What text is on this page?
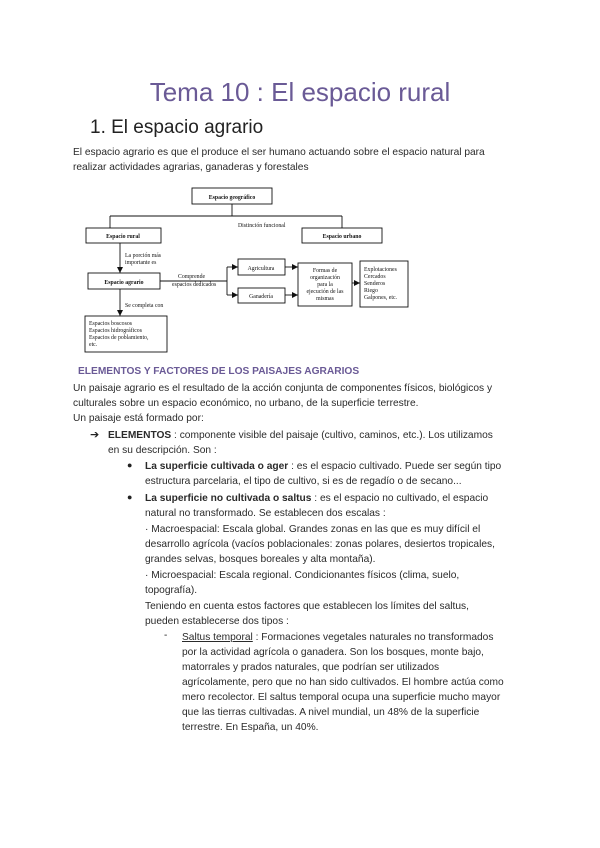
Tema 10 : El espacio rural
1. El espacio agrario
El espacio agrario es que el produce el ser humano actuando sobre el espacio natural para
realizar actividades agrarias, ganaderas y forestales
Espacio geográfico
Distinción funcional
Espacio rural	Espacio urbano
La porción más
importante es
Espacio agrario
Comprende
espacios dedicados
Agricultura
Ganadería
Formas de
organización
para la
ejecución de las
mismas
Explotaciones
Cercados
Senderos
Riego
Galpones, etc.
Se completa con
Espacios boscosos
Espacios hidrográficos
Espacios de poblamiento,
etc.
ELEMENTOS Y FACTORES DE LOS PAISAJES AGRARIOS
Un paisaje agrario es el resultado de la acción conjunta de componentes físicos, biológicos y
culturales sobre un espacio económico, no urbano, de la superficie terrestre.
Un paisaje está formado por:
➔ ELEMENTOS : componente visible del paisaje (cultivo, caminos, etc.). Los utilizamos
en su descripción. Son :
● La superficie cultivada o ager : es el espacio cultivado. Puede ser según tipo
estructura parcelaria, el tipo de cultivo, si es de regadío o de secano...
● La superficie no cultivada o saltus : es el espacio no cultivado, el espacio
natural no transformado. Se establecen dos escalas :
· Macroespacial: Escala global. Grandes zonas en las que es muy difícil el
desarrollo agrícola (vacíos poblacionales: zonas polares, desiertos tropicales,
grandes selvas, bosques boreales y alta montaña).
· Microespacial: Escala regional. Condicionantes físicos (clima, suelo,
topografía).
Teniendo en cuenta estos factores que establecen los límites del saltus,
pueden establecerse dos tipos :
- Saltus temporal : Formaciones vegetales naturales no transformados
por la actividad agrícola o ganadera. Son los bosques, monte bajo,
matorrales y prados naturales, que podrían ser utilizados
agrícolamente, pero que no han sido cultivados. El hombre actúa como
mero recolector. El saltus temporal ocupa una superficie mucho mayor
que las tierras cultivadas. A nivel mundial, un 48% de la superficie
terrestre. En España, un 40%.
